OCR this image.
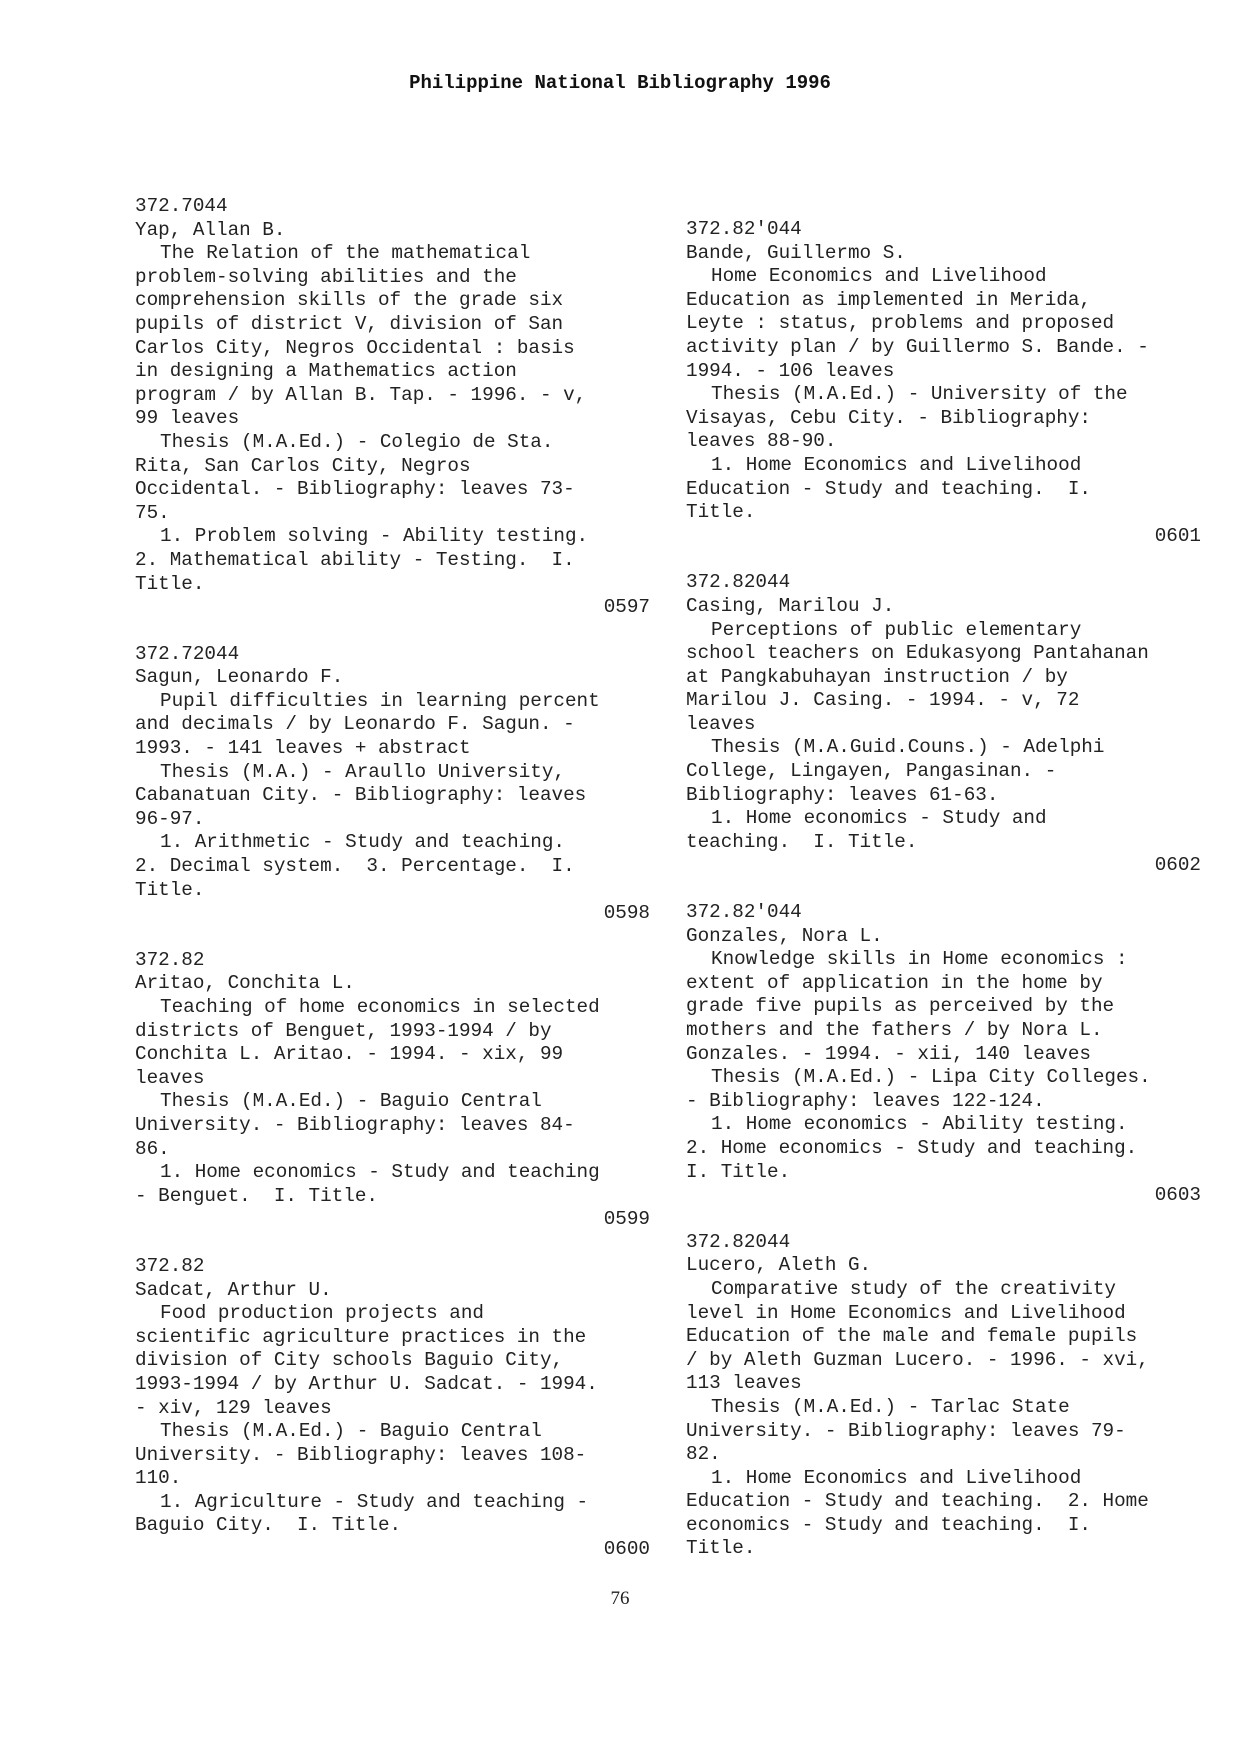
Philippine National Bibliography 1996
372.7044
Yap, Allan B.
The Relation of the mathematical
problem-solving abilities and the
comprehension skills of the grade six
pupils of district V, division of San
Carlos City, Negros Occidental : basis
in designing a Mathematics action
program / by Allan B. Tap. - 1996. - v,
99 leaves
Thesis (M.A.Ed.) - Colegio de Sta.
Rita, San Carlos City, Negros
Occidental. - Bibliography: leaves 73-
75.
1. Problem solving - Ability testing.
2. Mathematical ability - Testing.  I.
Title.
0597
372.72044
Sagun, Leonardo F.
Pupil difficulties in learning percent
and decimals / by Leonardo F. Sagun. -
1993. - 141 leaves + abstract
Thesis (M.A.) - Araullo University,
Cabanatuan City. - Bibliography: leaves
96-97.
1. Arithmetic - Study and teaching.
2. Decimal system.  3. Percentage.  I.
Title.
0598
372.82
Aritao, Conchita L.
Teaching of home economics in selected
districts of Benguet, 1993-1994 / by
Conchita L. Aritao. - 1994. - xix, 99
leaves
Thesis (M.A.Ed.) - Baguio Central
University. - Bibliography: leaves 84-
86.
1. Home economics - Study and teaching
- Benguet.  I. Title.
0599
372.82
Sadcat, Arthur U.
Food production projects and
scientific agriculture practices in the
division of City schools Baguio City,
1993-1994 / by Arthur U. Sadcat. - 1994.
- xiv, 129 leaves
Thesis (M.A.Ed.) - Baguio Central
University. - Bibliography: leaves 108-
110.
1. Agriculture - Study and teaching -
Baguio City.  I. Title.
0600
372.82'044
Bande, Guillermo S.
Home Economics and Livelihood
Education as implemented in Merida,
Leyte : status, problems and proposed
activity plan / by Guillermo S. Bande. -
1994. - 106 leaves
Thesis (M.A.Ed.) - University of the
Visayas, Cebu City. - Bibliography:
leaves 88-90.
1. Home Economics and Livelihood
Education - Study and teaching.  I.
Title.
0601
372.82044
Casing, Marilou J.
Perceptions of public elementary
school teachers on Edukasyong Pantahanan
at Pangkabuhayan instruction / by
Marilou J. Casing. - 1994. - v, 72
leaves
Thesis (M.A.Guid.Couns.) - Adelphi
College, Lingayen, Pangasinan. -
Bibliography: leaves 61-63.
1. Home economics - Study and
teaching.  I. Title.
0602
372.82'044
Gonzales, Nora L.
Knowledge skills in Home economics :
extent of application in the home by
grade five pupils as perceived by the
mothers and the fathers / by Nora L.
Gonzales. - 1994. - xii, 140 leaves
Thesis (M.A.Ed.) - Lipa City Colleges.
- Bibliography: leaves 122-124.
1. Home economics - Ability testing.
2. Home economics - Study and teaching.
I. Title.
0603
372.82044
Lucero, Aleth G.
Comparative study of the creativity
level in Home Economics and Livelihood
Education of the male and female pupils
/ by Aleth Guzman Lucero. - 1996. - xvi,
113 leaves
Thesis (M.A.Ed.) - Tarlac State
University. - Bibliography: leaves 79-
82.
1. Home Economics and Livelihood
Education - Study and teaching.  2. Home
economics - Study and teaching.  I.
Title.
76
